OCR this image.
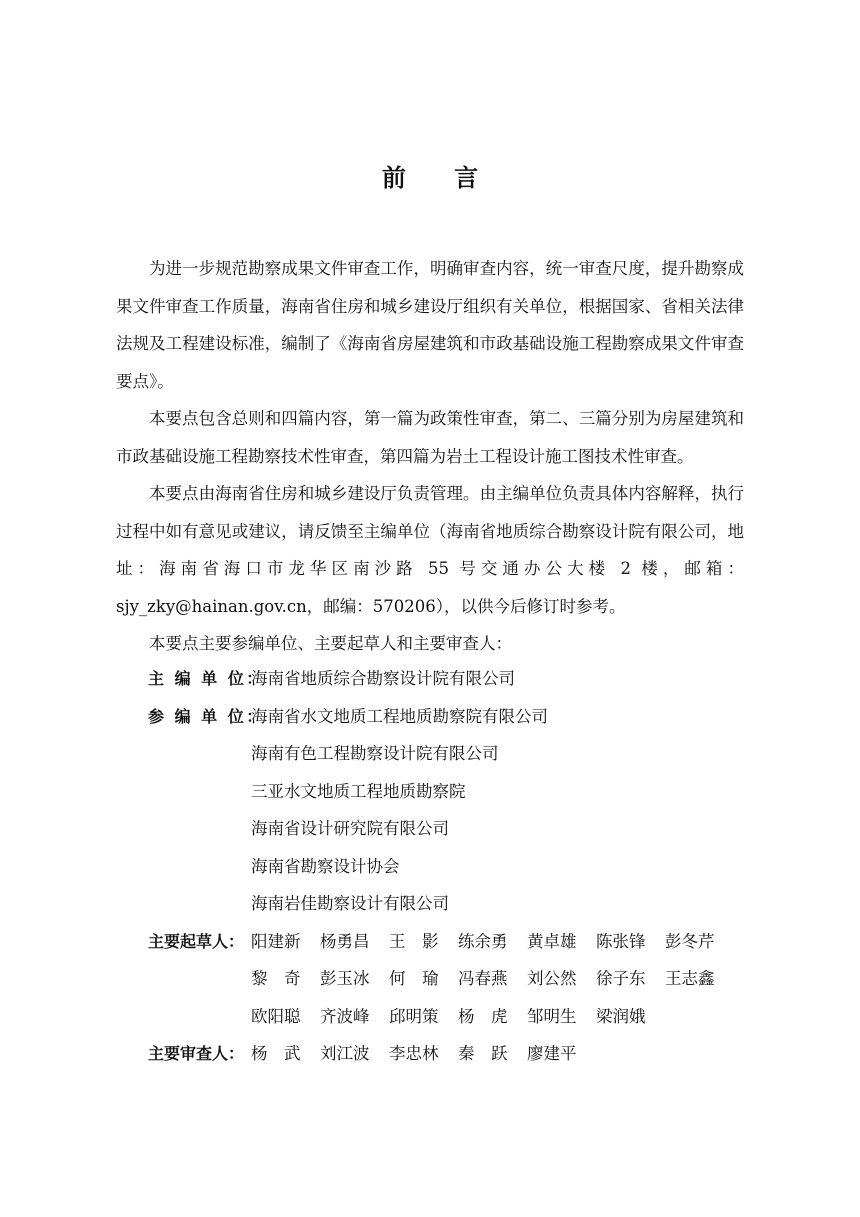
前 言

为进一步规范勘察成果文件审查工作，明确审查内容，统一审查尺度，提升勘察成果文件审查工作质量，海南省住房和城乡建设厅组织有关单位，根据国家、省相关法律法规及工程建设标准，编制了《海南省房屋建筑和市政基础设施工程勘察成果文件审查要点》。

本要点包含总则和四篇内容，第一篇为政策性审查，第二、三篇分别为房屋建筑和市政基础设施工程勘察技术性审查，第四篇为岩土工程设计施工图技术性审查。

本要点由海南省住房和城乡建设厅负责管理。由主编单位负责具体内容解释，执行过程中如有意见或建议，请反馈至主编单位（海南省地质综合勘察设计院有限公司，地址：海南省海口市龙华区南沙路 55 号交通办公大楼 2 楼，邮箱：sjy_zky@hainan.gov.cn，邮编：570206），以供今后修订时参考。

本要点主要参编单位、主要起草人和主要审查人：

主 编 单 位：
海南省地质综合勘察设计院有限公司
参 编 单 位：
海南省水文地质工程地质勘察院有限公司
海南有色工程勘察设计院有限公司
三亚水文地质工程地质勘察院
海南省设计研究院有限公司
海南省勘察设计协会
海南岩佳勘察设计有限公司
主要起草人： 阳建新	杨勇昌	王　影	练余勇	黄卓雄	陈张锋	彭冬芹
黎　奇	彭玉冰	何　瑜	冯春燕	刘公然	徐子东	王志鑫
欧阳聪	齐波峰	邱明策	杨　虎	邹明生	梁润娥
主要审查人： 杨　武	刘江波	李忠林	秦　跃	廖建平
